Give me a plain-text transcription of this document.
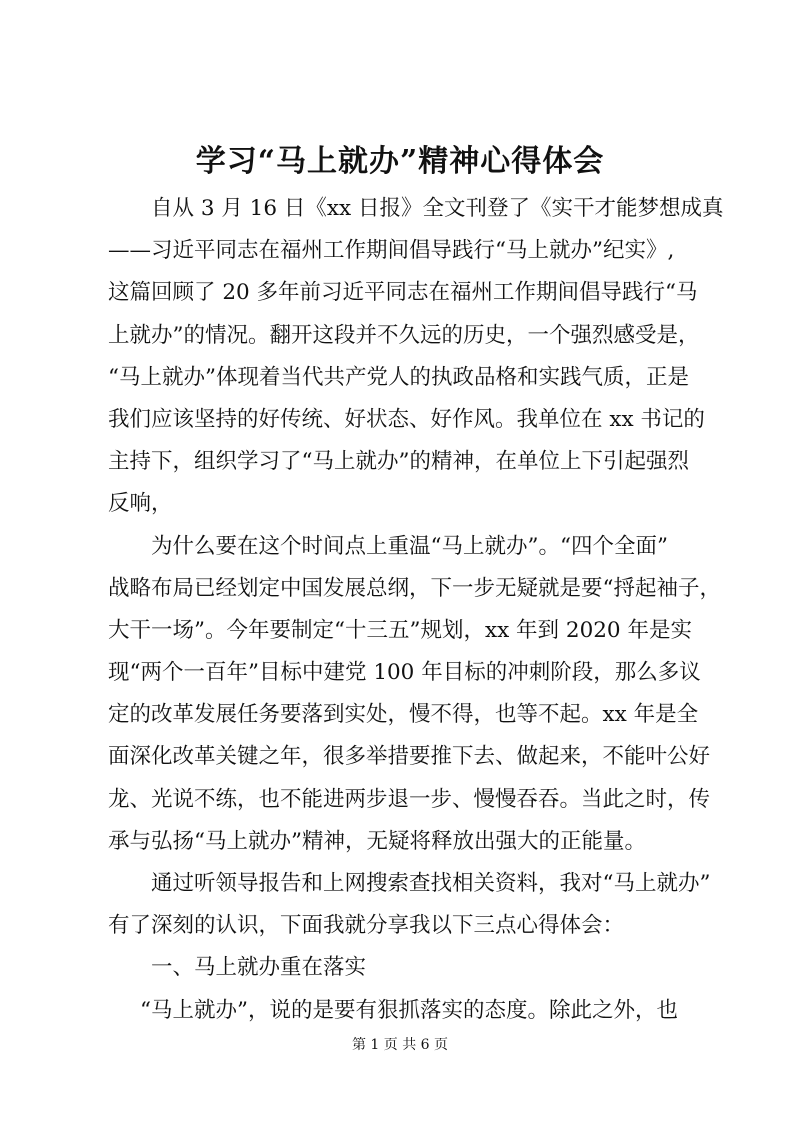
学习“马上就办”精神心得体会
自从 3 月 16 日《xx 日报》全文刊登了《实干才能梦想成真
——习近平同志在福州工作期间倡导践行“马上就办”纪实》,
这篇回顾了 20 多年前习近平同志在福州工作期间倡导践行“马
上就办”的情况。翻开这段并不久远的历史，一个强烈感受是，
“马上就办”体现着当代共产党人的执政品格和实践气质，正是
我们应该坚持的好传统、好状态、好作风。我单位在 xx 书记的
主持下，组织学习了“马上就办”的精神，在单位上下引起强烈
反响，
为什么要在这个时间点上重温“马上就办”。“四个全面”
战略布局已经划定中国发展总纲，下一步无疑就是要“捋起袖子，
大干一场”。今年要制定“十三五”规划，xx 年到 2020 年是实
现“两个一百年”目标中建党 100 年目标的冲刺阶段，那么多议
定的改革发展任务要落到实处，慢不得，也等不起。xx 年是全
面深化改革关键之年，很多举措要推下去、做起来，不能叶公好
龙、光说不练，也不能进两步退一步、慢慢吞吞。当此之时，传
承与弘扬“马上就办”精神，无疑将释放出强大的正能量。
通过听领导报告和上网搜索查找相关资料，我对“马上就办”
有了深刻的认识，下面我就分享我以下三点心得体会：
一、马上就办重在落实
“马上就办”，说的是要有狠抓落实的态度。除此之外，也
第 1 页 共 6 页
